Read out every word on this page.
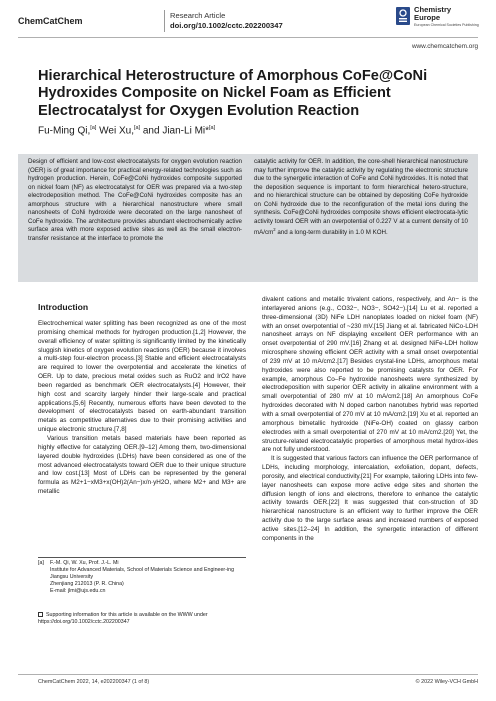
ChemCatChem
Research Article
doi.org/10.1002/cctc.202200347
Chemistry
Europe
European Chemical Societies Publishing
www.chemcatchem.org
Hierarchical Heterostructure of Amorphous CoFe@CoNi Hydroxides Composite on Nickel Foam as Efficient Electrocatalyst for Oxygen Evolution Reaction
Fu-Ming Qi,[a] Wei Xu,[a] and Jian-Li Mi*[a]
Design of efficient and low-cost electrocatalysts for oxygen evolution reaction (OER) is of great importance for practical energy-related technologies such as hydrogen production. Herein, CoFe@CoNi hydroxides composite supported on nickel foam (NF) as electrocatalyst for OER was prepared via a two-step electrodeposition method. The CoFe@CoNi hydroxides composite has an amorphous structure with a hierarchical nanostructure where small nanosheets of CoNi hydroxide were decorated on the large nanosheet of CoFe hydroxide. The architecture provides abundant electrochemically active surface area with more exposed active sites as well as the small electron-transfer resistance at the interface to promote the
catalytic activity for OER. In addition, the core-shell hierarchical nanostructure may further improve the catalytic activity by regulating the electronic structure due to the synergetic interaction of CoFe and CoNi hydroxides. It is noted that the deposition sequence is important to form hierarchical hetero-structure, and no hierarchical structure can be obtained by depositing CoFe hydroxide on CoNi hydroxide due to the reconfiguration of the metal ions during the synthesis. CoFe@CoNi hydroxides composite shows efficient electrocata-lytic activity toward OER with an overpotential of 0.227 V at a current density of 10 $mA/cm^2$ and a long-term durability in 1.0 M KOH.
Introduction

Electrochemical water splitting has been recognized as one of the most promising chemical methods for hydrogen production.[1,2] However, the overall efficiency of water splitting is significantly limited by the kinetically sluggish kinetics of oxygen evolution reactions (OER) because it involves a multi-step four-electron process.[3] Stable and efficient electrocatalysts are required to lower the overpotential and accelerate the kinetics of OER. Up to date, precious metal oxides such as RuO2 and IrO2 have been regarded as benchmark OER electrocatalysts.[4] However, their high cost and scarcity largely hinder their large-scale and practical applications.[5,6] Recently, numerous efforts have been devoted to the development of electrocatalysts based on earth-abundant transition metals as competitive alternatives due to their promising activities and unique electronic structure.[7,8]

Various transition metals based materials have been reported as highly effective for catalyzing OER.[9–12] Among them, two-dimensional layered double hydroxides (LDHs) have been considered as one of the most advanced electrocatalysts toward OER due to their unique structure and low cost.[13] Most of LDHs can be represented by the general formula as M2+1−xM3+x(OH)2(An−)x/n·yH2O, where M2+ and M3+ are metallic

divalent cations and metallic trivalent cations, respectively, and An− is the interlayered anions (e.g., CO32−, NO3−, SO42−).[14] Lu et al. reported a three-dimensional (3D) NiFe LDH nanoplates loaded on nickel foam (NF) with an onset overpotential of ~230 mV.[15] Jiang et al. fabricated NiCo-LDH nanosheet arrays on NF displaying excellent OER performance with an onset overpotential of 290 mV.[16] Zhang et al. designed NiFe-LDH hollow microsphere showing efficient OER activity with a small onset overpotential of 239 mV at 10 mA/cm2.[17] Besides crystal-line LDHs, amorphous metal hydroxides were also reported to be promising catalysts for OER. For example, amorphous Co–Fe hydroxide nanosheets were synthesized by electrodeposition with superior OER activity in alkaline environment with a small overpotential of 280 mV at 10 mA/cm2.[18] An amorphous CoFe hydroxides decorated with N doped carbon nanotubes hybrid was reported with a small overpotential of 270 mV at 10 mA/cm2.[19] Xu et al. reported an amorphous bimetallic hydroxide (NiFe-OH) coated on glassy carbon electrodes with a small overpotential of 270 mV at 10 mA/cm2.[20] Yet, the structure-related electrocatalytic properties of amorphous metal hydrox-ides are not fully understood.

It is suggested that various factors can influence the OER performance of LDHs, including morphology, intercalation, exfoliation, dopant, defects, porosity, and electrical conductivity.[21] For example, tailoring LDHs into few-layer nanosheets can expose more active edge sites and shorten the diffusion length of ions and electrons, therefore to enhance the catalytic activity towards OER.[22] It was suggested that con-struction of 3D hierarchical nanostructure is an efficient way to further improve the OER activity due to the large surface areas and increased numbers of exposed active sites.[12–24] In addition, the synergetic interaction of different components in the

[a] F.-M. Qi, W. Xu, Prof. J.-L. Mi
Institute for Advanced Materials, School of Materials Science and Engineer-ing
Jiangsu University
Zhenjiang 212013 (P. R. China)
E-mail: jlmi@ujs.edu.cn
Supporting information for this article is available on the WWW under https://doi.org/10.1002/cctc.202200347
ChemCatChem 2022, 14, e202200347 (1 of 8)	© 2022 Wiley-VCH GmbH
